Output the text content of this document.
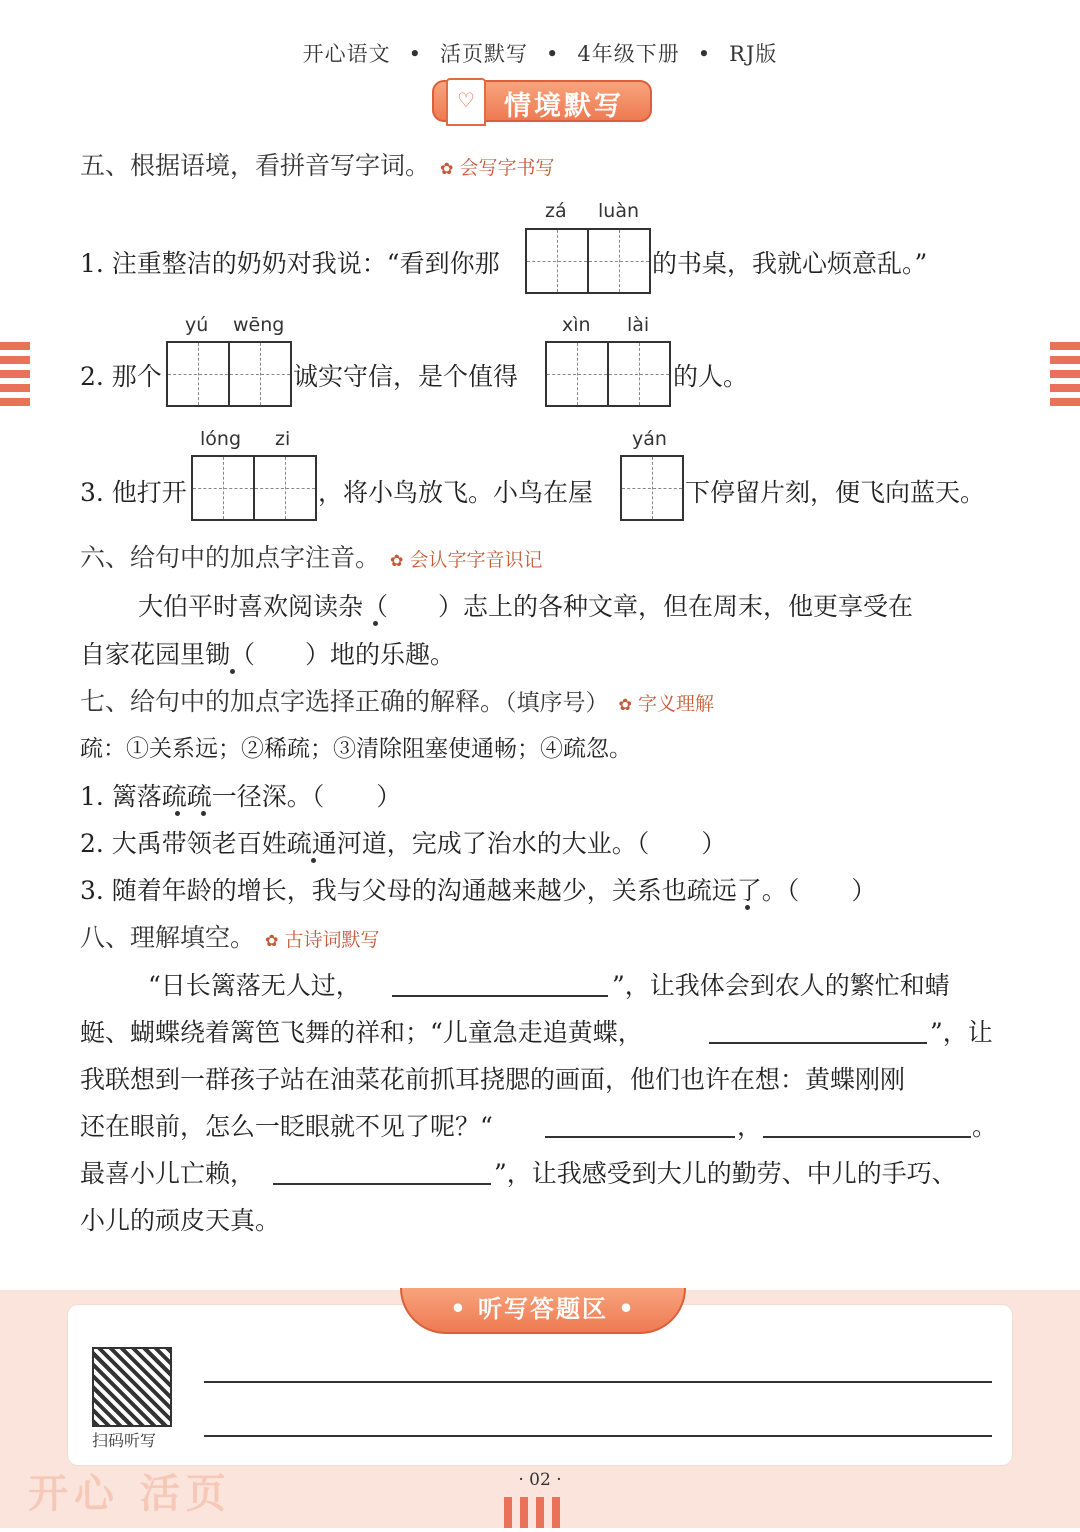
开心语文 • 活页默写 • 4年级下册 • RJ版
♡	情境默写
五、根据语境，看拼音写字词。 ✿ 会写字书写
zá luàn
1. 注重整洁的奶奶对我说：“看到你那	的书桌，我就心烦意乱。”
yú wēng	xìn lài
2. 那个	诚实守信，是个值得	的人。
lóng zi	yán
3. 他打开	，将小鸟放飞。小鸟在屋	下停留片刻，便飞向蓝天。
六、给句中的加点字注音。 ✿ 会认字字音识记
大伯平时喜欢阅读杂（ ）志上的各种文章，但在周末，他更享受在
自家花园里锄（ ）地的乐趣。
七、给句中的加点字选择正确的解释。（填序号） ✿ 字义理解
疏：①关系远；②稀疏；③清除阻塞使通畅；④疏忽。
1. 篱落疏疏一径深。（ ）
2. 大禹带领老百姓疏通河道，完成了治水的大业。（ ）
3. 随着年龄的增长，我与父母的沟通越来越少，关系也疏远了。（ ）
八、理解填空。 ✿ 古诗词默写
“日长篱落无人过，	”，让我体会到农人的繁忙和蜻
蜓、蝴蝶绕着篱笆飞舞的祥和；“儿童急走追黄蝶，	”，让
我联想到一群孩子站在油菜花前抓耳挠腮的画面，他们也许在想：黄蝶刚刚
还在眼前，怎么一眨眼就不见了呢？“	，	。
最喜小儿亡赖，	”，让我感受到大儿的勤劳、中儿的手巧、
小儿的顽皮天真。
• 听写答题区 •
扫码听写
开心 活页	· 02 ·
